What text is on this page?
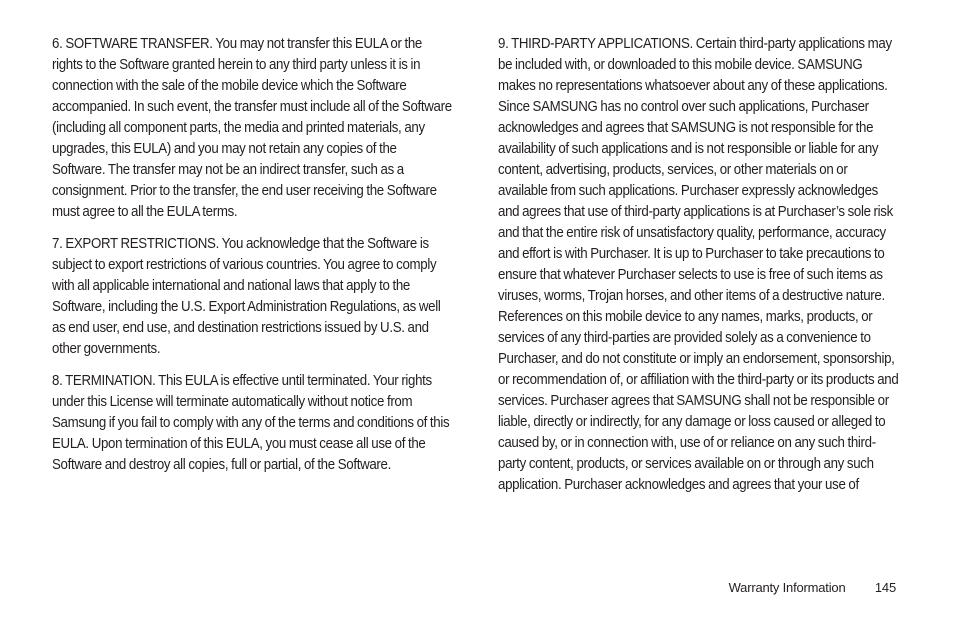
6. SOFTWARE TRANSFER. You may not transfer this EULA or the rights to the Software granted herein to any third party unless it is in connection with the sale of the mobile device which the Software accompanied. In such event, the transfer must include all of the Software (including all component parts, the media and printed materials, any upgrades, this EULA) and you may not retain any copies of the Software. The transfer may not be an indirect transfer, such as a consignment. Prior to the transfer, the end user receiving the Software must agree to all the EULA terms.

7. EXPORT RESTRICTIONS. You acknowledge that the Software is subject to export restrictions of various countries. You agree to comply with all applicable international and national laws that apply to the Software, including the U.S. Export Administration Regulations, as well as end user, end use, and destination restrictions issued by U.S. and other governments.

8. TERMINATION. This EULA is effective until terminated. Your rights under this License will terminate automatically without notice from Samsung if you fail to comply with any of the terms and conditions of this EULA. Upon termination of this EULA, you must cease all use of the Software and destroy all copies, full or partial, of the Software.

9. THIRD-PARTY APPLICATIONS. Certain third-party applications may be included with, or downloaded to this mobile device. SAMSUNG makes no representations whatsoever about any of these applications. Since SAMSUNG has no control over such applications, Purchaser acknowledges and agrees that SAMSUNG is not responsible for the availability of such applications and is not responsible or liable for any content, advertising, products, services, or other materials on or available from such applications. Purchaser expressly acknowledges and agrees that use of third-party applications is at Purchaser’s sole risk and that the entire risk of unsatisfactory quality, performance, accuracy and effort is with Purchaser. It is up to Purchaser to take precautions to ensure that whatever Purchaser selects to use is free of such items as viruses, worms, Trojan horses, and other items of a destructive nature. References on this mobile device to any names, marks, products, or services of any third-parties are provided solely as a convenience to Purchaser, and do not constitute or imply an endorsement, sponsorship, or recommendation of, or affiliation with the third-party or its products and services. Purchaser agrees that SAMSUNG shall not be responsible or liable, directly or indirectly, for any damage or loss caused or alleged to caused by, or in connection with, use of or reliance on any such third-party content, products, or services available on or through any such application. Purchaser acknowledges and agrees that your use of

Warranty Information 145
